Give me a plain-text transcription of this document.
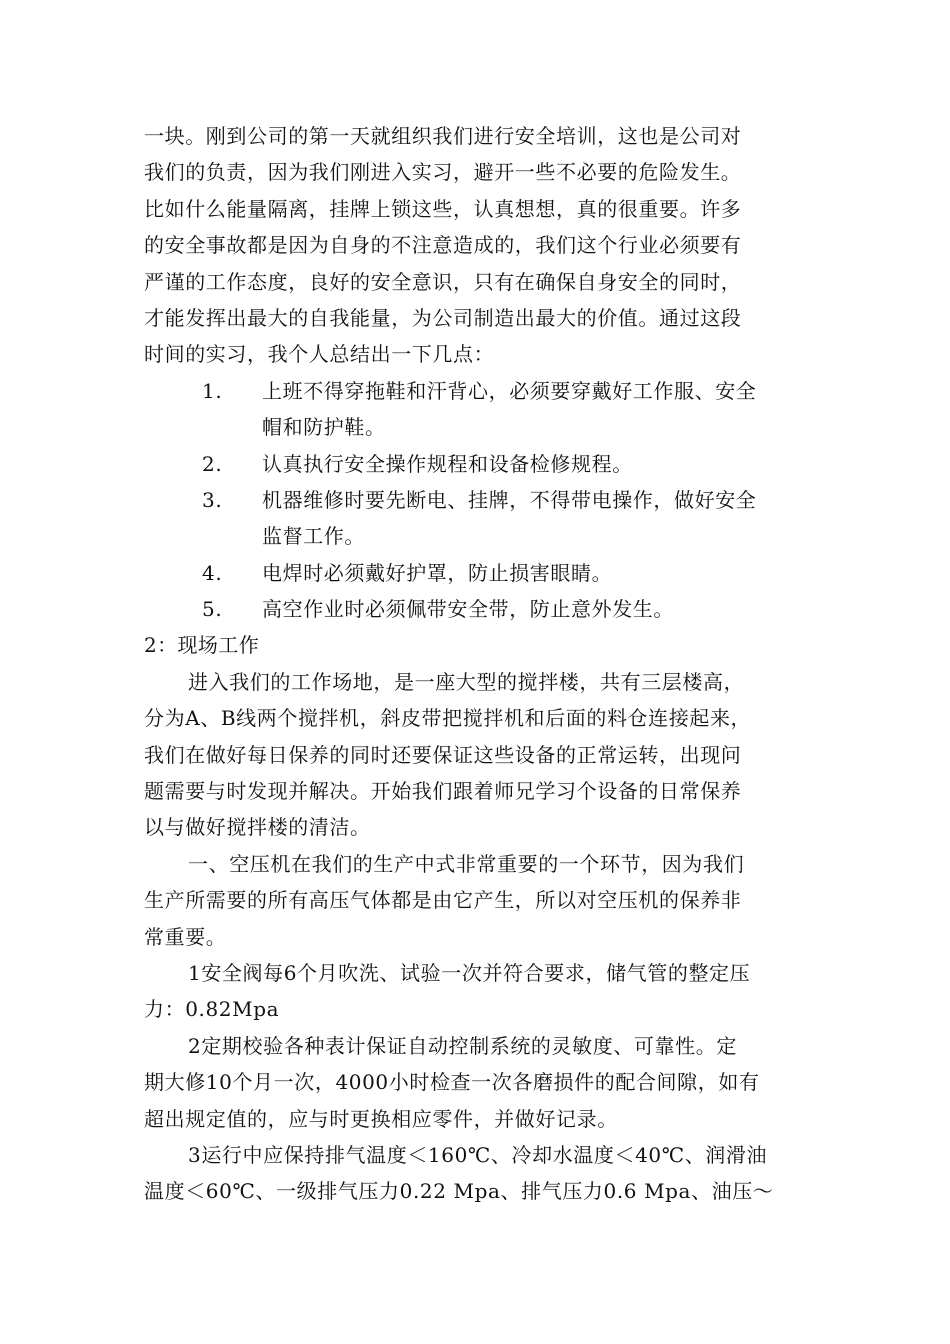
一块。刚到公司的第一天就组织我们进行安全培训，这也是公司对
我们的负责，因为我们刚进入实习，避开一些不必要的危险发生。
比如什么能量隔离，挂牌上锁这些，认真想想，真的很重要。许多
的安全事故都是因为自身的不注意造成的，我们这个行业必须要有
严谨的工作态度，良好的安全意识，只有在确保自身安全的同时，
才能发挥出最大的自我能量，为公司制造出最大的价值。通过这段
时间的实习，我个人总结出一下几点：
1. 上班不得穿拖鞋和汗背心，必须要穿戴好工作服、安全
帽和防护鞋。
2. 认真执行安全操作规程和设备检修规程。
3. 机器维修时要先断电、挂牌，不得带电操作，做好安全
监督工作。
4. 电焊时必须戴好护罩，防止损害眼睛。
5. 高空作业时必须佩带安全带，防止意外发生。
2：现场工作
进入我们的工作场地，是一座大型的搅拌楼，共有三层楼高，
分为A、B线两个搅拌机，斜皮带把搅拌机和后面的料仓连接起来，
我们在做好每日保养的同时还要保证这些设备的正常运转，出现问
题需要与时发现并解决。开始我们跟着师兄学习个设备的日常保养
以与做好搅拌楼的清洁。
一、空压机在我们的生产中式非常重要的一个环节，因为我们
生产所需要的所有高压气体都是由它产生，所以对空压机的保养非
常重要。
1安全阀每6个月吹洗、试验一次并符合要求，储气管的整定压
力：0.82Mpa
2定期校验各种表计保证自动控制系统的灵敏度、可靠性。定
期大修10个月一次，4000小时检查一次各磨损件的配合间隙，如有
超出规定值的，应与时更换相应零件，并做好记录。
3运行中应保持排气温度＜160℃、冷却水温度＜40℃、润滑油
温度＜60℃、一级排气压力0.22 Mpa、排气压力0.6 Mpa、油压～
